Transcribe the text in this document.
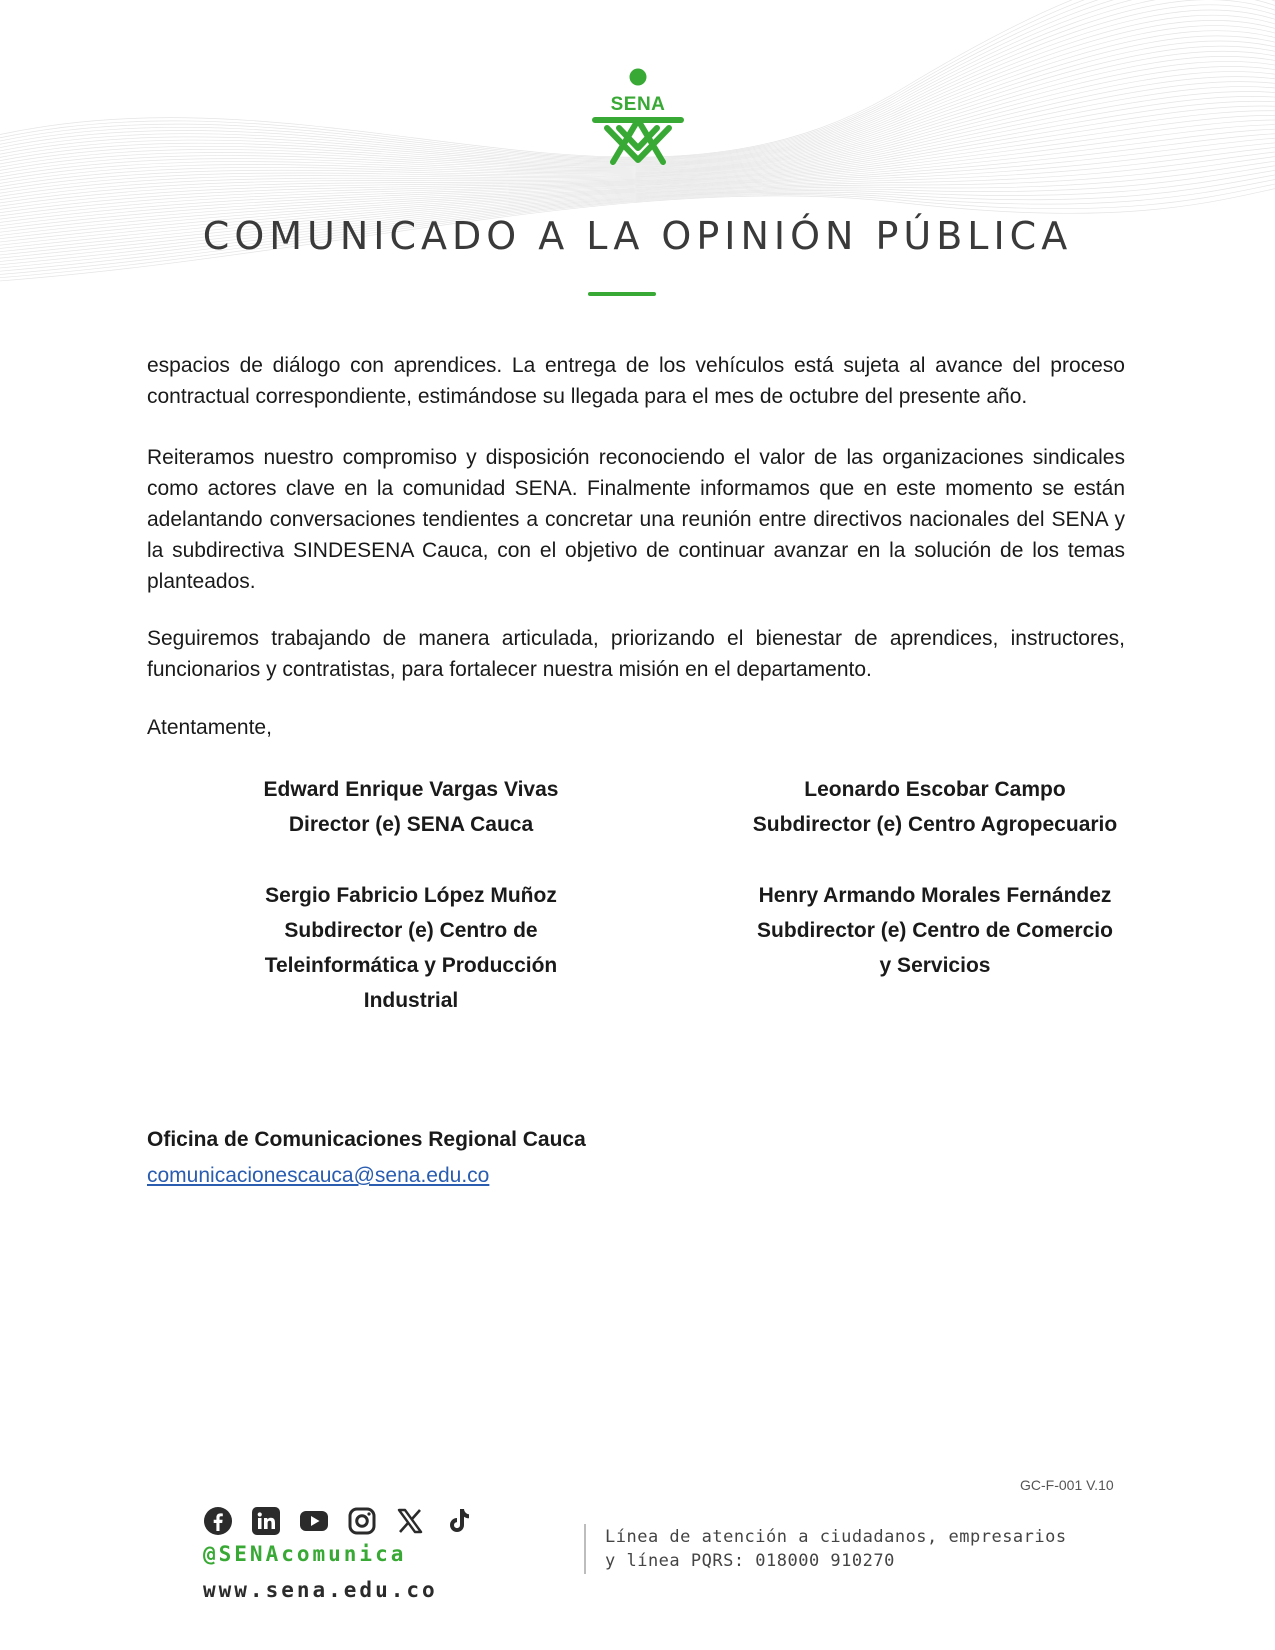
SENA
COMUNICADO A LA OPINIÓN PÚBLICA

espacios de diálogo con aprendices. La entrega de los vehículos está sujeta al avance del proceso contractual correspondiente, estimándose su llegada para el mes de octubre del presente año.

Reiteramos nuestro compromiso y disposición reconociendo el valor de las organizaciones sindicales como actores clave en la comunidad SENA. Finalmente informamos que en este momento se están adelantando conversaciones tendientes a concretar una reunión entre directivos nacionales del SENA y la subdirectiva SINDESENA Cauca, con el objetivo de continuar avanzar en la solución de los temas planteados.

Seguiremos trabajando de manera articulada, priorizando el bienestar de aprendices, instructores, funcionarios y contratistas, para fortalecer nuestra misión en el departamento.

Atentamente,
Edward Enrique Vargas Vivas
Director (e) SENA Cauca
Leonardo Escobar Campo
Subdirector (e) Centro Agropecuario
Sergio Fabricio López Muñoz
Subdirector (e) Centro de
Teleinformática y Producción
Industrial
Henry Armando Morales Fernández
Subdirector (e) Centro de Comercio
y Servicios
Oficina de Comunicaciones Regional Cauca
comunicacionescauca@sena.edu.co
GC-F-001 V.10
@SENAcomunica
www.sena.edu.co
Línea de atención a ciudadanos, empresarios
y línea PQRS: 018000 910270
